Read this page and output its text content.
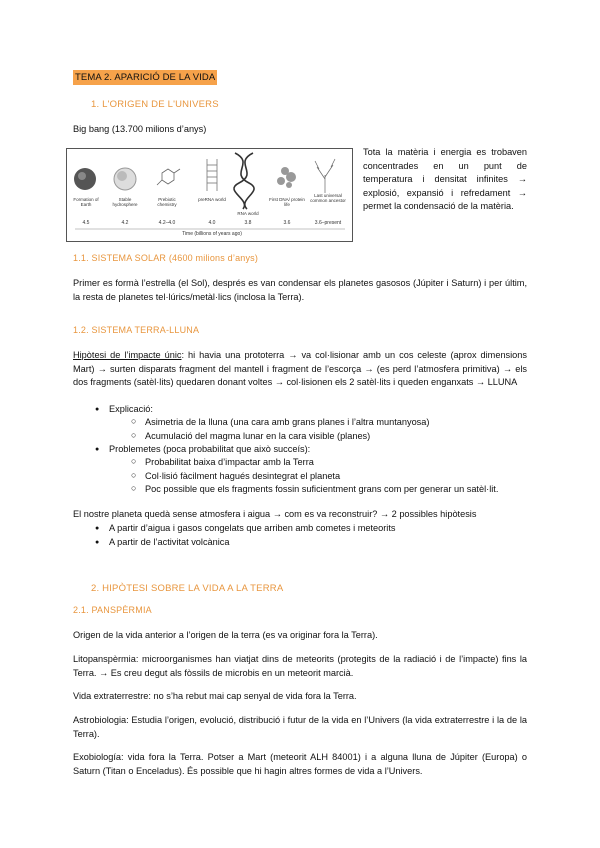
TEMA 2. APARICIÓ DE LA VIDA
1. L'ORIGEN DE L'UNIVERS
Big bang (13.700 milions d’anys)
Formation of Earth
4.5
Stable hydrosphere
4.2
Prebiotic chemistry
4.2–4.0
preRNA world
4.0
RNA world
3.8
First DNA/ protein life
3.6
Last universal common ancestor
3.6–present
Time (billions of years ago)
Tota la matèria i energia es trobaven concentrades en un punt de temperatura i densitat infinites → explosió, expansió i refredament → permet la condensació de la matèria.
1.1. SISTEMA SOLAR (4600 milions d’anys)
Primer es formà l’estrella (el Sol), després es van condensar els planetes gasosos (Júpiter i Saturn) i per últim, la resta de planetes tel·lúrics/metàl·lics (inclosa la Terra).
1.2. SISTEMA TERRA-LLUNA
Hipòtesi de l’impacte únic: hi havia una prototerra → va col·lisionar amb un cos celeste (aprox dimensions Mart) → surten disparats fragment del mantell i fragment de l’escorça → (es perd l’atmosfera primitiva) → els dos fragments (satèl·lits) quedaren donant voltes → col·lisionen els 2 satèl·lits i queden enganxats → LLUNA
● Explicació:
○ Asimetria de la lluna (una cara amb grans planes i l’altra muntanyosa)
○ Acumulació del magma lunar en la cara visible (planes)
● Problemetes (poca probabilitat que això succeís):
○ Probabilitat baixa d’impactar amb la Terra
○ Col·lisió fàcilment hagués desintegrat el planeta
○ Poc possible que els fragments fossin suficientment grans com per generar un satèl·lit.
El nostre planeta quedà sense atmosfera i aigua → com es va reconstruir? → 2 possibles hipòtesis
● A partir d’aigua i gasos congelats que arriben amb cometes i meteorits
● A partir de l’activitat volcànica
2. HIPÒTESI SOBRE LA VIDA A LA TERRA
2.1. PANSPÈRMIA
Origen de la vida anterior a l’origen de la terra (es va originar fora la Terra).
Litopanspèrmia: microorganismes han viatjat dins de meteorits (protegits de la radiació i de l’impacte) fins la Terra. → Es creu degut als fòssils de microbis en un meteorit marcià.
Vida extraterrestre: no s’ha rebut mai cap senyal de vida fora la Terra.
Astrobiologia: Estudia l’origen, evolució, distribució i futur de la vida en l’Univers (la vida extraterrestre i la de la Terra).
Exobiología: vida fora la Terra. Potser a Mart (meteorit ALH 84001) i a alguna lluna de Júpiter (Europa) o Saturn (Titan o Enceladus). És possible que hi hagin altres formes de vida a l’Univers.
